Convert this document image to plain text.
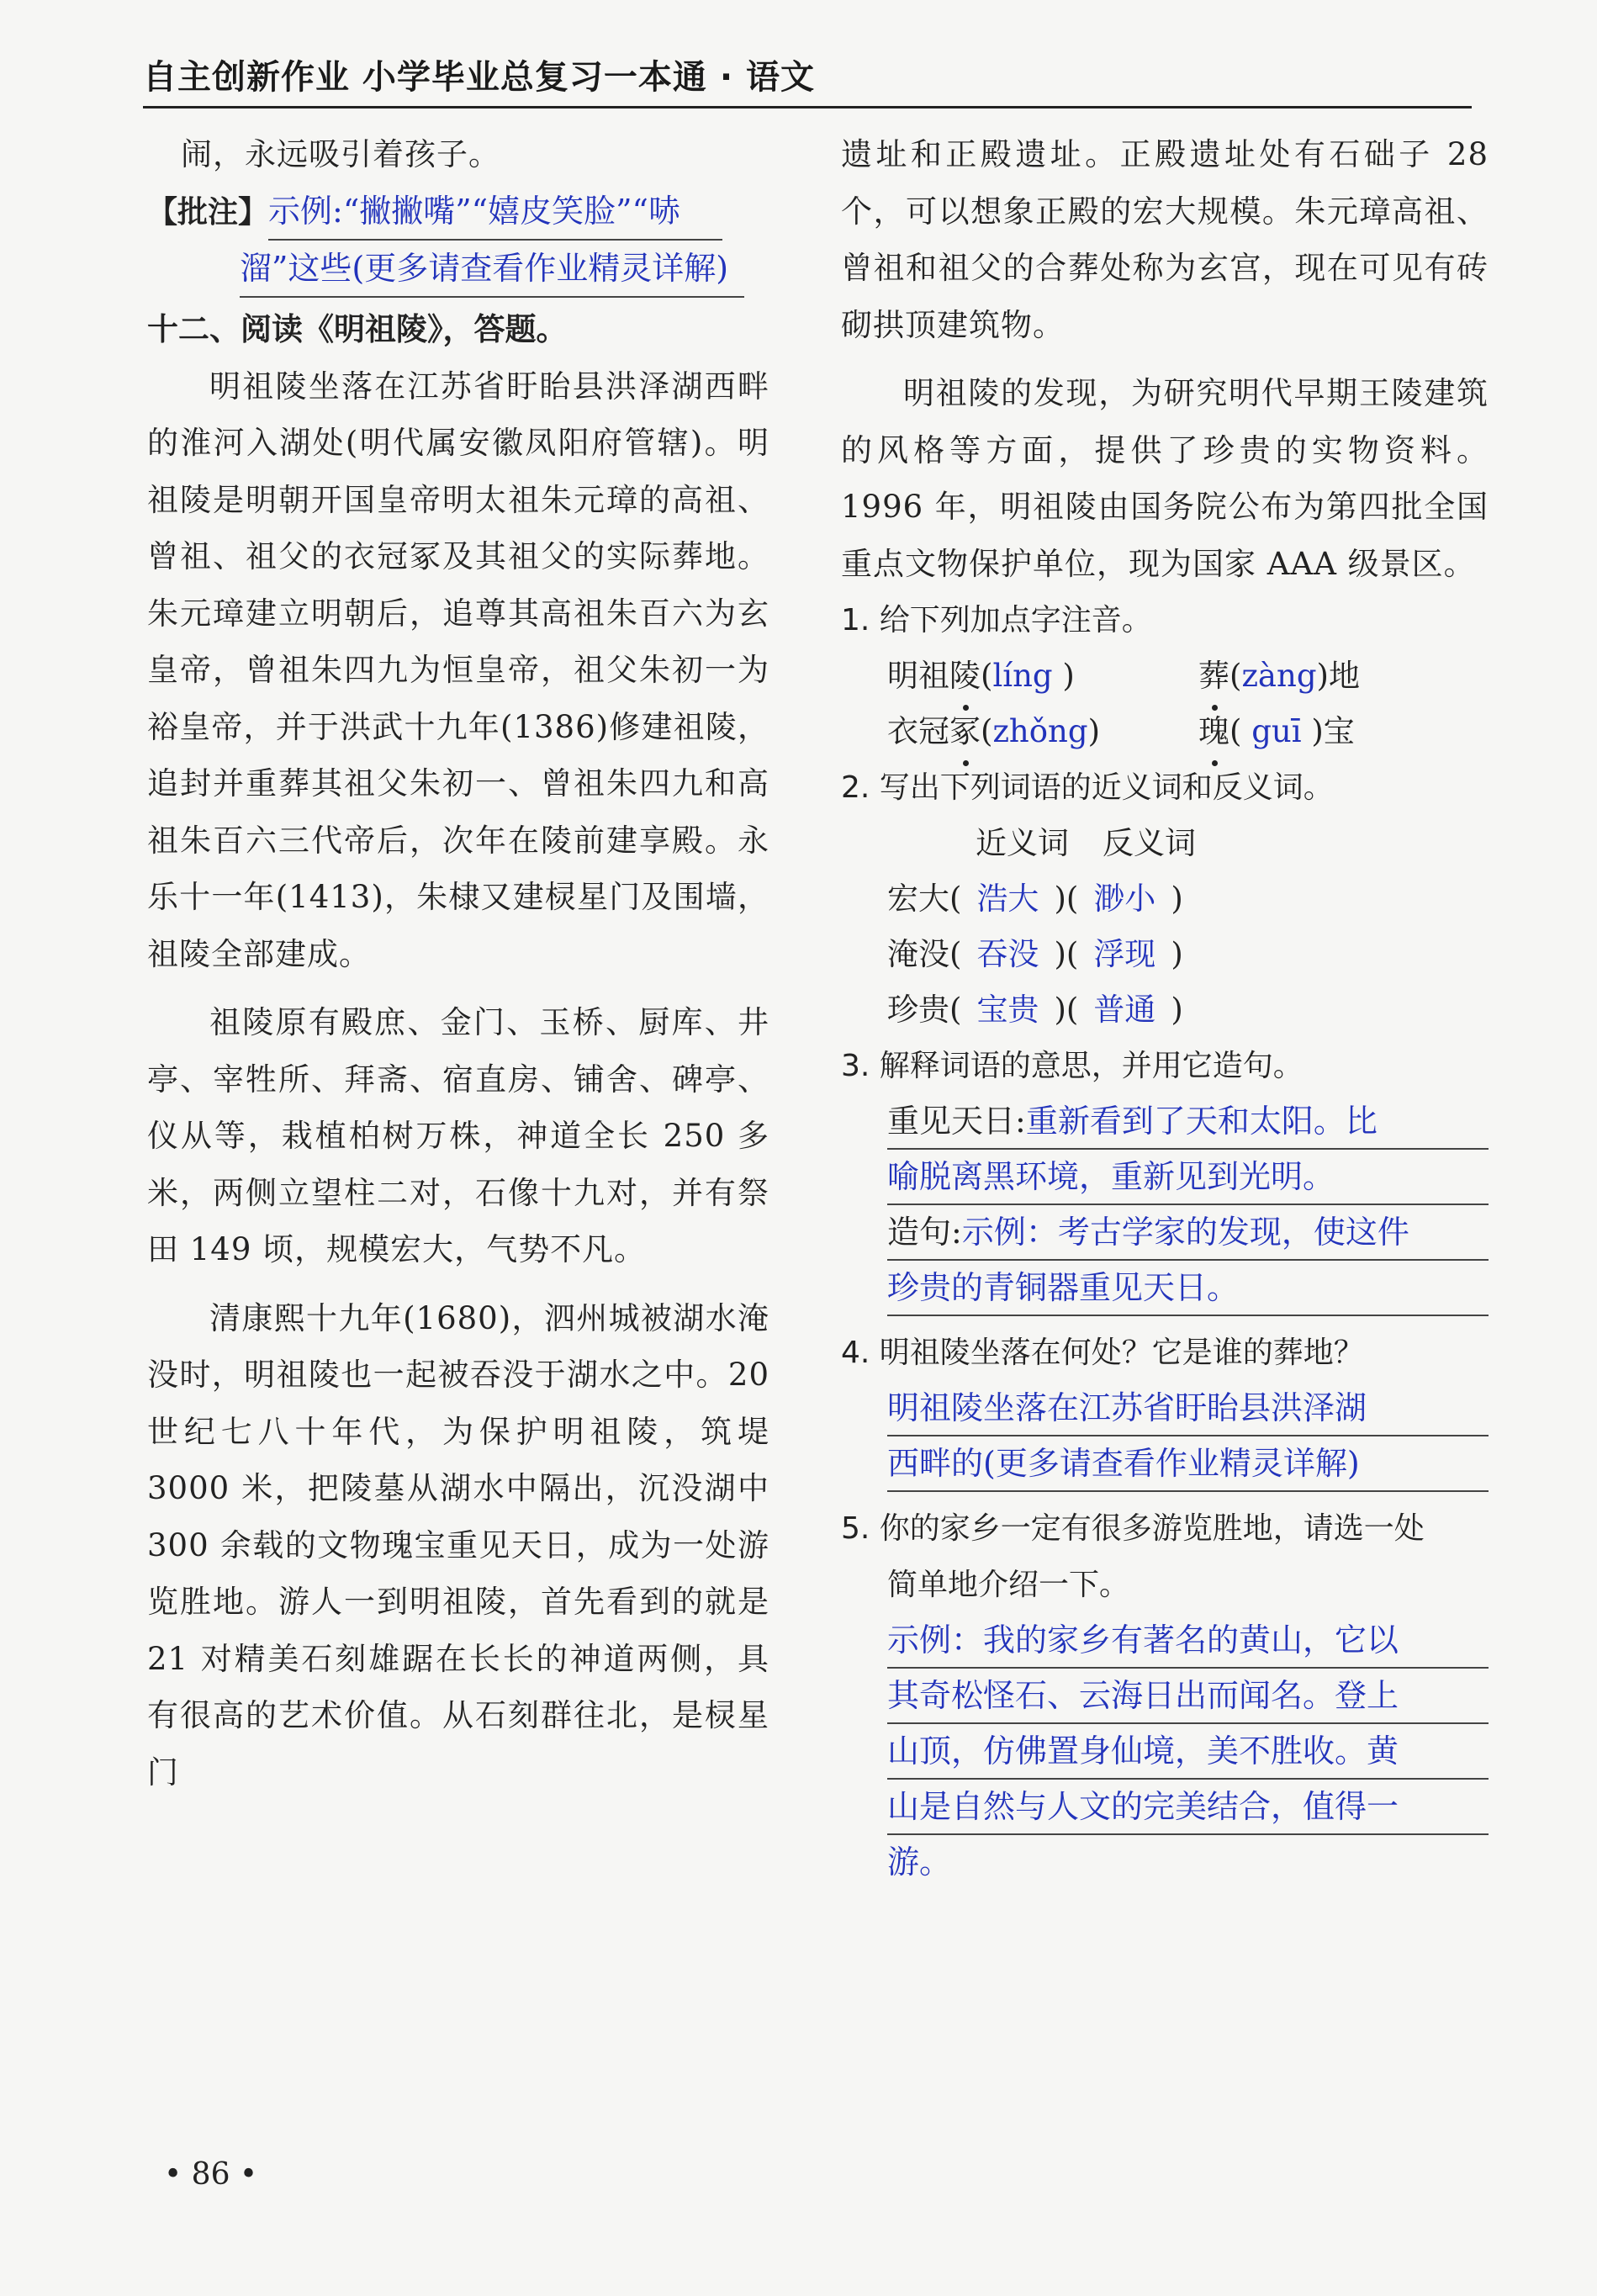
自主创新作业 小学毕业总复习一本通 · 语文

闹，永远吸引着孩子。

【批注】示例:“撇撇嘴”“嬉皮笑脸”“哧
溜”这些(更多请查看作业精灵详解)

十二、阅读《明祖陵》，答题。

明祖陵坐落在江苏省盱眙县洪泽湖西畔的淮河入湖处(明代属安徽凤阳府管辖)。明祖陵是明朝开国皇帝明太祖朱元璋的高祖、曾祖、祖父的衣冠冢及其祖父的实际葬地。朱元璋建立明朝后，追尊其高祖朱百六为玄皇帝，曾祖朱四九为恒皇帝，祖父朱初一为裕皇帝，并于洪武十九年(1386)修建祖陵，追封并重葬其祖父朱初一、曾祖朱四九和高祖朱百六三代帝后，次年在陵前建享殿。永乐十一年(1413)，朱棣又建棂星门及围墙，祖陵全部建成。

祖陵原有殿庶、金门、玉桥、厨库、井亭、宰牲所、拜斋、宿直房、铺舍、碑亭、仪从等，栽植柏树万株，神道全长 250 多米，两侧立望柱二对，石像十九对，并有祭田 149 顷，规模宏大，气势不凡。

清康熙十九年(1680)，泗州城被湖水淹没时，明祖陵也一起被吞没于湖水之中。20 世纪七八十年代，为保护明祖陵，筑堤 3000 米，把陵墓从湖水中隔出，沉没湖中 300 余载的文物瑰宝重见天日，成为一处游览胜地。游人一到明祖陵，首先看到的就是 21 对精美石刻雄踞在长长的神道两侧，具有很高的艺术价值。从石刻群往北，是棂星门

遗址和正殿遗址。正殿遗址处有石础子 28 个，可以想象正殿的宏大规模。朱元璋高祖、曾祖和祖父的合葬处称为玄宫，现在可见有砖砌拱顶建筑物。

明祖陵的发现，为研究明代早期王陵建筑的风格等方面，提供了珍贵的实物资料。1996 年，明祖陵由国务院公布为第四批全国重点文物保护单位，现为国家 AAA 级景区。

1. 给下列加点字注音。

明祖陵(líng )	葬(zàng)地
衣冠冢(zhǒng)	瑰( guī )宝

2. 写出下列词语的近义词和反义词。

近义词 反义词
宏大 ( 浩大 )( 渺小 )
淹没 ( 吞没 )( 浮现 )
珍贵 ( 宝贵 )( 普通 )

3. 解释词语的意思，并用它造句。

重见天日:重新看到了天和太阳。比
喻脱离黑环境，重新见到光明。
造句:示例：考古学家的发现，使这件
珍贵的青铜器重见天日。

4. 明祖陵坐落在何处？它是谁的葬地？

明祖陵坐落在江苏省盱眙县洪泽湖
西畔的(更多请查看作业精灵详解)

5. 你的家乡一定有很多游览胜地，请选一处

简单地介绍一下。

示例：我的家乡有著名的黄山，它以
其奇松怪石、云海日出而闻名。登上
山顶，仿佛置身仙境，美不胜收。黄
山是自然与人文的完美结合，值得一
游。
• 86 •
